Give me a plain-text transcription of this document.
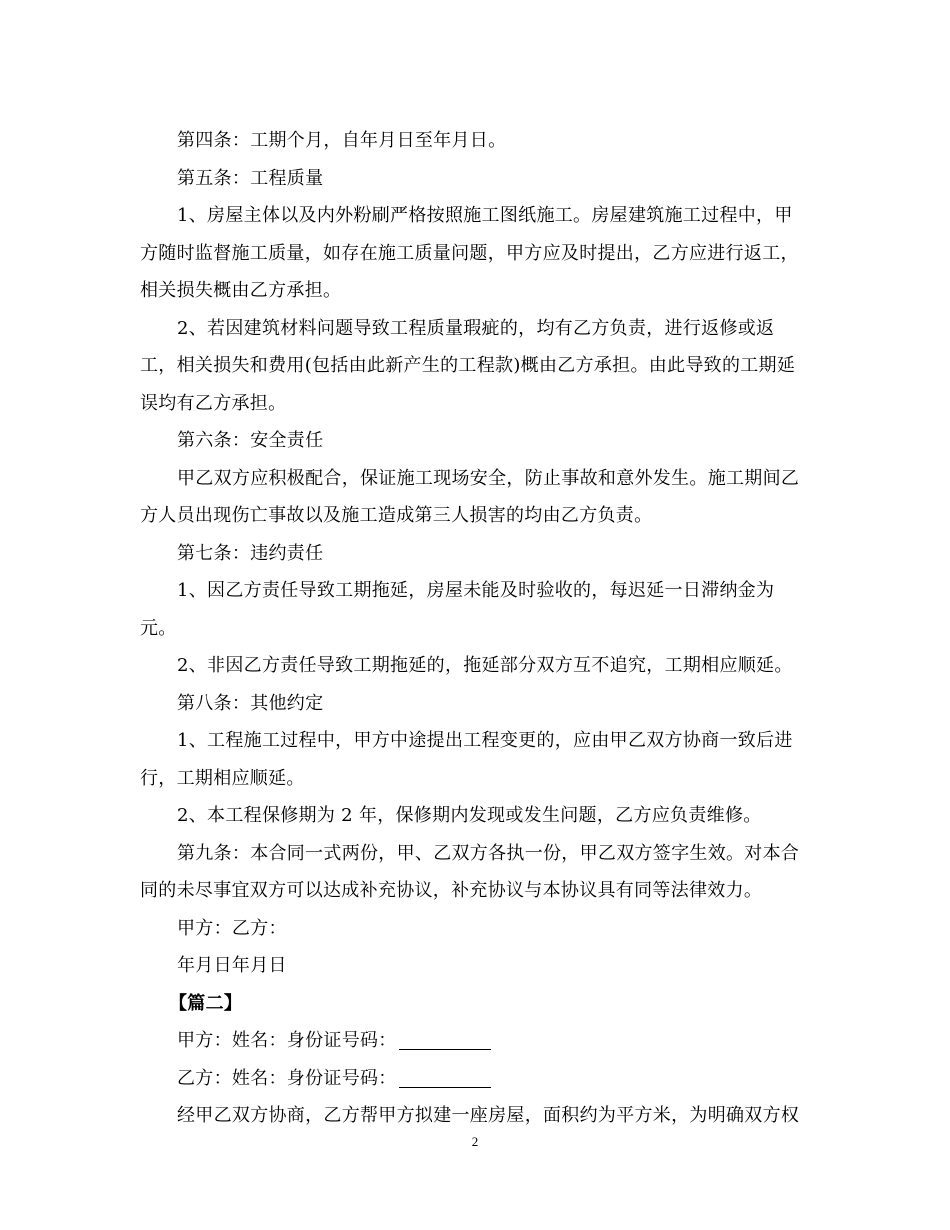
第四条：工期个月，自年月日至年月日。
第五条：工程质量
1、房屋主体以及内外粉刷严格按照施工图纸施工。房屋建筑施工过程中，甲
方随时监督施工质量，如存在施工质量问题，甲方应及时提出，乙方应进行返工，
相关损失概由乙方承担。
2、若因建筑材料问题导致工程质量瑕疵的，均有乙方负责，进行返修或返
工，相关损失和费用(包括由此新产生的工程款)概由乙方承担。由此导致的工期延
误均有乙方承担。
第六条：安全责任
甲乙双方应积极配合，保证施工现场安全，防止事故和意外发生。施工期间乙
方人员出现伤亡事故以及施工造成第三人损害的均由乙方负责。
第七条：违约责任
1、因乙方责任导致工期拖延，房屋未能及时验收的，每迟延一日滞纳金为
元。
2、非因乙方责任导致工期拖延的，拖延部分双方互不追究，工期相应顺延。
第八条：其他约定
1、工程施工过程中，甲方中途提出工程变更的，应由甲乙双方协商一致后进
行，工期相应顺延。
2、本工程保修期为 2 年，保修期内发现或发生问题，乙方应负责维修。
第九条：本合同一式两份，甲、乙双方各执一份，甲乙双方签字生效。对本合
同的未尽事宜双方可以达成补充协议，补充协议与本协议具有同等法律效力。
甲方：乙方：
年月日年月日
【篇二】
甲方：姓名：身份证号码：
乙方：姓名：身份证号码：
经甲乙双方协商，乙方帮甲方拟建一座房屋，面积约为平方米，为明确双方权
2
